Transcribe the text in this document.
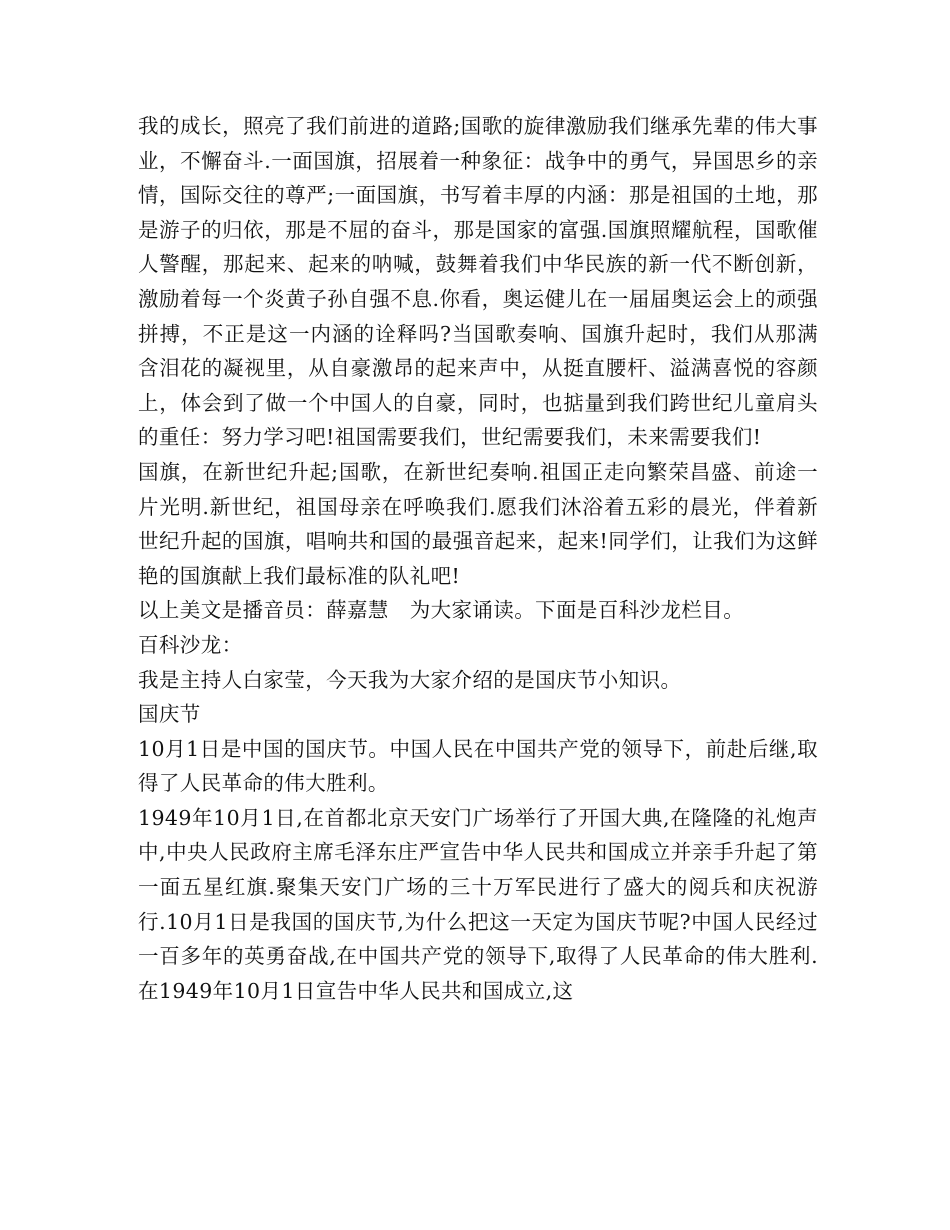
我的成长，照亮了我们前进的道路;国歌的旋律激励我们继承先辈的伟大事业，不懈奋斗.一面国旗，招展着一种象征：战争中的勇气，异国思乡的亲情，国际交往的尊严;一面国旗，书写着丰厚的内涵：那是祖国的土地，那是游子的归依，那是不屈的奋斗，那是国家的富强.国旗照耀航程，国歌催人警醒，那起来、起来的呐喊，鼓舞着我们中华民族的新一代不断创新，激励着每一个炎黄子孙自强不息.你看，奥运健儿在一届届奥运会上的顽强拼搏，不正是这一内涵的诠释吗?当国歌奏响、国旗升起时，我们从那满含泪花的凝视里，从自豪激昂的起来声中，从挺直腰杆、溢满喜悦的容颜上，体会到了做一个中国人的自豪，同时，也掂量到我们跨世纪儿童肩头的重任：努力学习吧!祖国需要我们，世纪需要我们，未来需要我们!

国旗，在新世纪升起;国歌，在新世纪奏响.祖国正走向繁荣昌盛、前途一片光明.新世纪，祖国母亲在呼唤我们.愿我们沐浴着五彩的晨光，伴着新世纪升起的国旗，唱响共和国的最强音起来，起来!同学们，让我们为这鲜艳的国旗献上我们最标准的队礼吧!

以上美文是播音员：薛嘉慧　为大家诵读。下面是百科沙龙栏目。

百科沙龙：

我是主持人白家莹，今天我为大家介绍的是国庆节小知识。

国庆节

10月1日是中国的国庆节。中国人民在中国共产党的领导下，前赴后继,取得了人民革命的伟大胜利。

1949年10月1日,在首都北京天安门广场举行了开国大典,在隆隆的礼炮声中,中央人民政府主席毛泽东庄严宣告中华人民共和国成立并亲手升起了第一面五星红旗.聚集天安门广场的三十万军民进行了盛大的阅兵和庆祝游行.10月1日是我国的国庆节,为什么把这一天定为国庆节呢?中国人民经过一百多年的英勇奋战,在中国共产党的领导下,取得了人民革命的伟大胜利.在1949年10月1日宣告中华人民共和国成立,这
